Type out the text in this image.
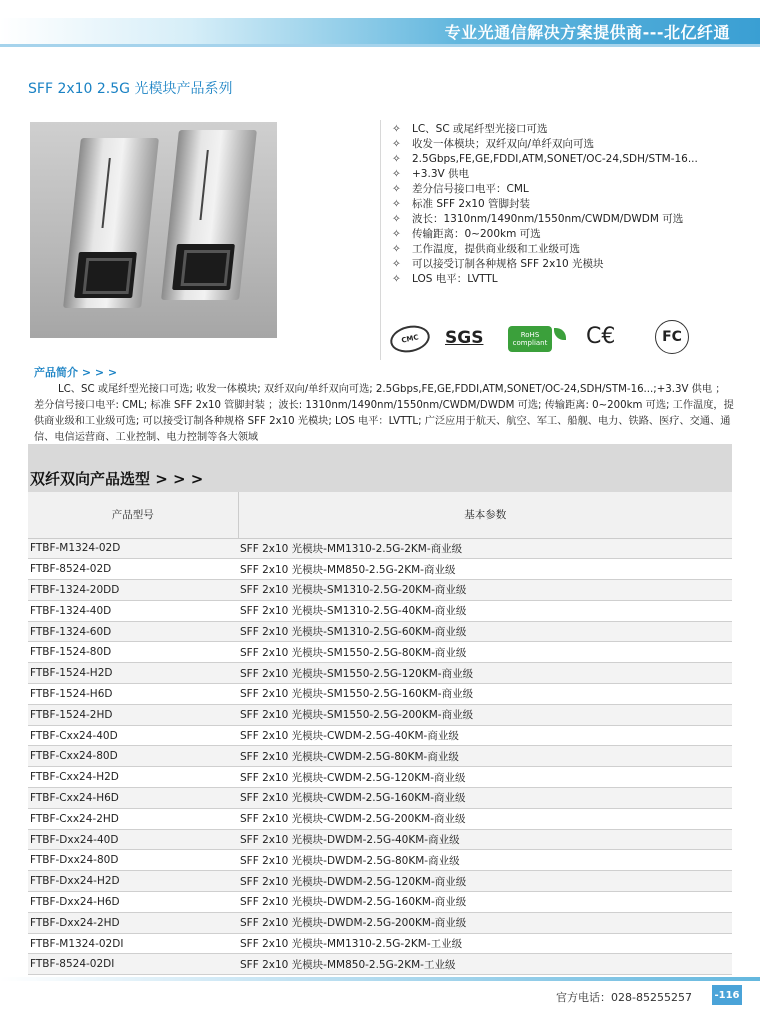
专业光通信解决方案提供商---北亿纤通
SFF 2x10 2.5G 光模块产品系列
✧	LC、SC 或尾纤型光接口可选
✧	收发一体模块；双纤双向/单纤双向可选
✧	2.5Gbps,FE,GE,FDDI,ATM,SONET/OC-24,SDH/STM-16...
✧	+3.3V 供电
✧	差分信号接口电平：CML
✧	标准 SFF 2x10 管脚封装
✧	波长：1310nm/1490nm/1550nm/CWDM/DWDM 可选
✧	传输距离：0~200km 可选
✧	工作温度，提供商业级和工业级可选
✧	可以接受订制各种规格 SFF 2x10 光模块
✧	LOS 电平：LVTTL
CMC	SGS	RoHS
compliant C€	FC
产品简介 > > >
LC、SC 或尾纤型光接口可选; 收发一体模块; 双纤双向/单纤双向可选; 2.5Gbps,FE,GE,FDDI,ATM,SONET/OC-24,SDH/STM-16...;+3.3V 供电 ；差分信号接口电平: CML; 标准 SFF 2x10 管脚封装 ；波长: 1310nm/1490nm/1550nm/CWDM/DWDM 可选; 传输距离: 0~200km 可选; 工作温度，提供商业级和工业级可选; 可以接受订制各种规格 SFF 2x10 光模块; LOS 电平：LVTTL; 广泛应用于航天、航空、军工、船舰、电力、铁路、医疗、交通、通信、电信运营商、工业控制、电力控制等各大领域
双纤双向产品选型 > > >
产品型号	基本参数
FTBF-M1324-02D	SFF 2x10 光模块-MM1310-2.5G-2KM-商业级
FTBF-8524-02D	SFF 2x10 光模块-MM850-2.5G-2KM-商业级
FTBF-1324-20DD	SFF 2x10 光模块-SM1310-2.5G-20KM-商业级
FTBF-1324-40D	SFF 2x10 光模块-SM1310-2.5G-40KM-商业级
FTBF-1324-60D	SFF 2x10 光模块-SM1310-2.5G-60KM-商业级
FTBF-1524-80D	SFF 2x10 光模块-SM1550-2.5G-80KM-商业级
FTBF-1524-H2D	SFF 2x10 光模块-SM1550-2.5G-120KM-商业级
FTBF-1524-H6D	SFF 2x10 光模块-SM1550-2.5G-160KM-商业级
FTBF-1524-2HD	SFF 2x10 光模块-SM1550-2.5G-200KM-商业级
FTBF-Cxx24-40D	SFF 2x10 光模块-CWDM-2.5G-40KM-商业级
FTBF-Cxx24-80D	SFF 2x10 光模块-CWDM-2.5G-80KM-商业级
FTBF-Cxx24-H2D	SFF 2x10 光模块-CWDM-2.5G-120KM-商业级
FTBF-Cxx24-H6D	SFF 2x10 光模块-CWDM-2.5G-160KM-商业级
FTBF-Cxx24-2HD	SFF 2x10 光模块-CWDM-2.5G-200KM-商业级
FTBF-Dxx24-40D	SFF 2x10 光模块-DWDM-2.5G-40KM-商业级
FTBF-Dxx24-80D	SFF 2x10 光模块-DWDM-2.5G-80KM-商业级
FTBF-Dxx24-H2D	SFF 2x10 光模块-DWDM-2.5G-120KM-商业级
FTBF-Dxx24-H6D	SFF 2x10 光模块-DWDM-2.5G-160KM-商业级
FTBF-Dxx24-2HD	SFF 2x10 光模块-DWDM-2.5G-200KM-商业级
FTBF-M1324-02DI	SFF 2x10 光模块-MM1310-2.5G-2KM-工业级
FTBF-8524-02DI	SFF 2x10 光模块-MM850-2.5G-2KM-工业级
官方电话：028-85255257 -116
